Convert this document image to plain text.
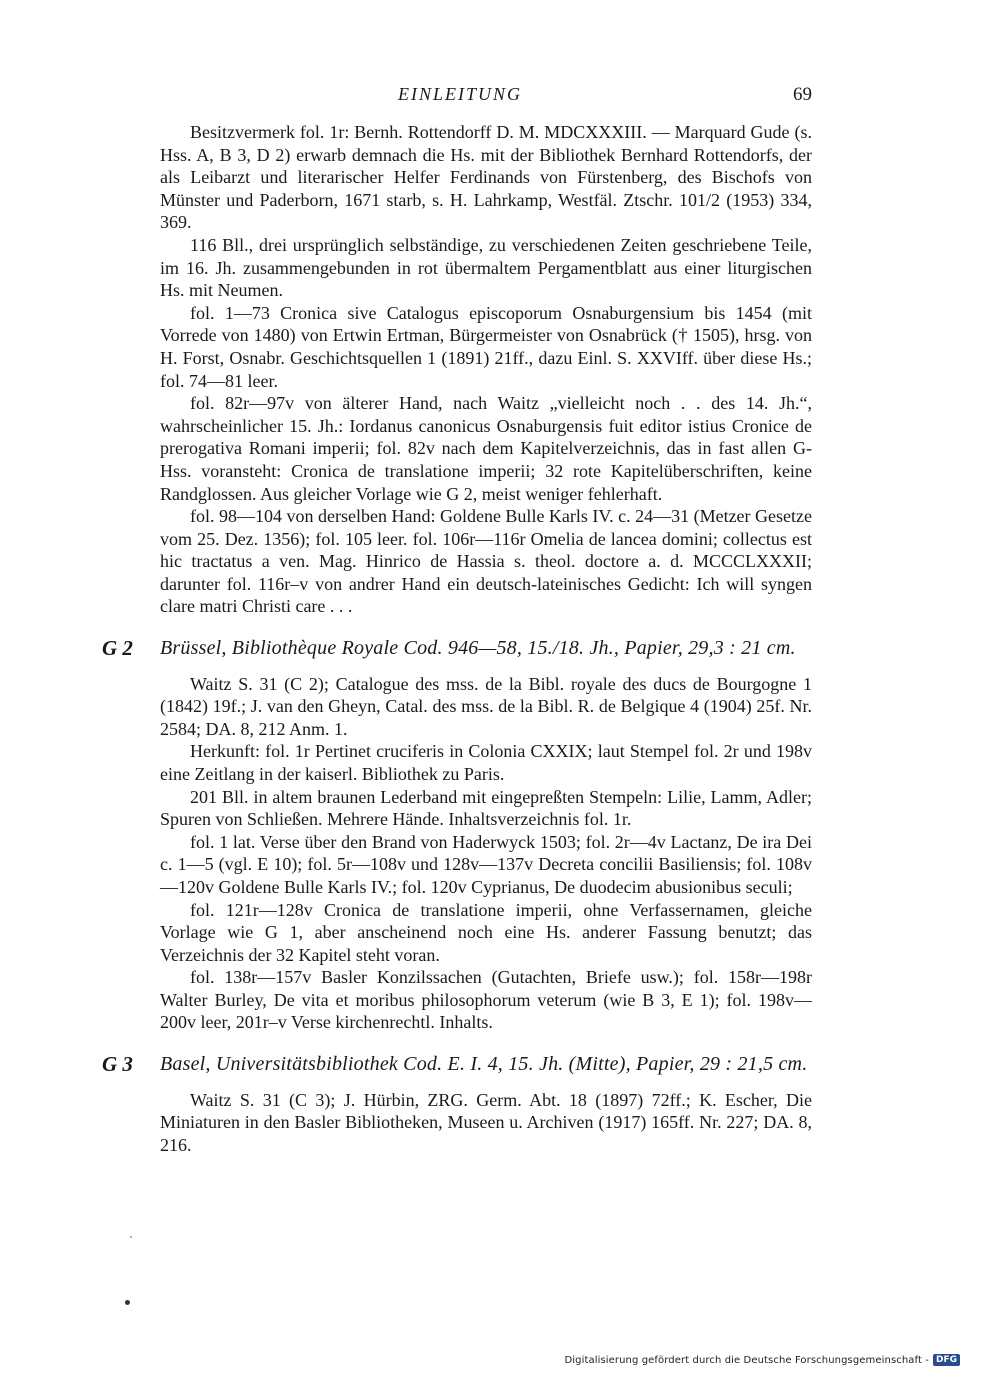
EINLEITUNG	69

Besitzvermerk fol. 1r: Bernh. Rottendorff D. M. MDCXXXIII. — Marquard Gude (s. Hss. A, B 3, D 2) erwarb demnach die Hs. mit der Bibliothek Bernhard Rottendorfs, der als Leibarzt und literarischer Helfer Ferdinands von Fürstenberg, des Bischofs von Münster und Paderborn, 1671 starb, s. H. Lahrkamp, Westfäl. Ztschr. 101/2 (1953) 334, 369.

116 Bll., drei ursprünglich selbständige, zu verschiedenen Zeiten geschriebene Teile, im 16. Jh. zusammengebunden in rot übermaltem Pergamentblatt aus einer liturgischen Hs. mit Neumen.

fol. 1—73 Cronica sive Catalogus episcoporum Osnaburgensium bis 1454 (mit Vorrede von 1480) von Ertwin Ertman, Bürgermeister von Osnabrück († 1505), hrsg. von H. Forst, Osnabr. Geschichtsquellen 1 (1891) 21ff., dazu Einl. S. XXVIff. über diese Hs.; fol. 74—81 leer.

fol. 82r—97v von älterer Hand, nach Waitz „vielleicht noch . . des 14. Jh.“, wahrscheinlicher 15. Jh.: Iordanus canonicus Osnaburgensis fuit editor istius Cronice de prerogativa Romani imperii; fol. 82v nach dem Kapitelverzeichnis, das in fast allen G-Hss. voransteht: Cronica de translatione imperii; 32 rote Kapitelüberschriften, keine Randglossen. Aus gleicher Vorlage wie G 2, meist weniger fehlerhaft.

fol. 98—104 von derselben Hand: Goldene Bulle Karls IV. c. 24—31 (Metzer Gesetze vom 25. Dez. 1356); fol. 105 leer. fol. 106r—116r Omelia de lancea domini; collectus est hic tractatus a ven. Mag. Hinrico de Hassia s. theol. doctore a. d. MCCCLXXXII; darunter fol. 116r–v von andrer Hand ein deutsch-lateinisches Gedicht: Ich will syngen clare matri Christi care . . .

G 2 Brüssel, Bibliothèque Royale Cod. 946—58, 15./18. Jh., Papier, 29,3 : 21 cm.

Waitz S. 31 (C 2); Catalogue des mss. de la Bibl. royale des ducs de Bourgogne 1 (1842) 19f.; J. van den Gheyn, Catal. des mss. de la Bibl. R. de Belgique 4 (1904) 25f. Nr. 2584; DA. 8, 212 Anm. 1.

Herkunft: fol. 1r Pertinet cruciferis in Colonia CXXIX; laut Stempel fol. 2r und 198v eine Zeitlang in der kaiserl. Bibliothek zu Paris.

201 Bll. in altem braunen Lederband mit eingepreßten Stempeln: Lilie, Lamm, Adler; Spuren von Schließen. Mehrere Hände. Inhaltsverzeichnis fol. 1r.

fol. 1 lat. Verse über den Brand von Haderwyck 1503; fol. 2r—4v Lactanz, De ira Dei c. 1—5 (vgl. E 10); fol. 5r—108v und 128v—137v Decreta concilii Basiliensis; fol. 108v—120v Goldene Bulle Karls IV.; fol. 120v Cyprianus, De duodecim abusionibus seculi;

fol. 121r—128v Cronica de translatione imperii, ohne Verfassernamen, gleiche Vorlage wie G 1, aber anscheinend noch eine Hs. anderer Fassung benutzt; das Verzeichnis der 32 Kapitel steht voran.

fol. 138r—157v Basler Konzilssachen (Gutachten, Briefe usw.); fol. 158r—198r Walter Burley, De vita et moribus philosophorum veterum (wie B 3, E 1); fol. 198v—200v leer, 201r–v Verse kirchenrechtl. Inhalts.

G 3 Basel, Universitätsbibliothek Cod. E. I. 4, 15. Jh. (Mitte), Papier, 29 : 21,5 cm.

Waitz S. 31 (C 3); J. Hürbin, ZRG. Germ. Abt. 18 (1897) 72ff.; K. Escher, Die Miniaturen in den Basler Bibliotheken, Museen u. Archiven (1917) 165ff. Nr. 227; DA. 8, 216.

Digitalisierung gefördert durch die Deutsche Forschungsgemeinschaft - DFG
